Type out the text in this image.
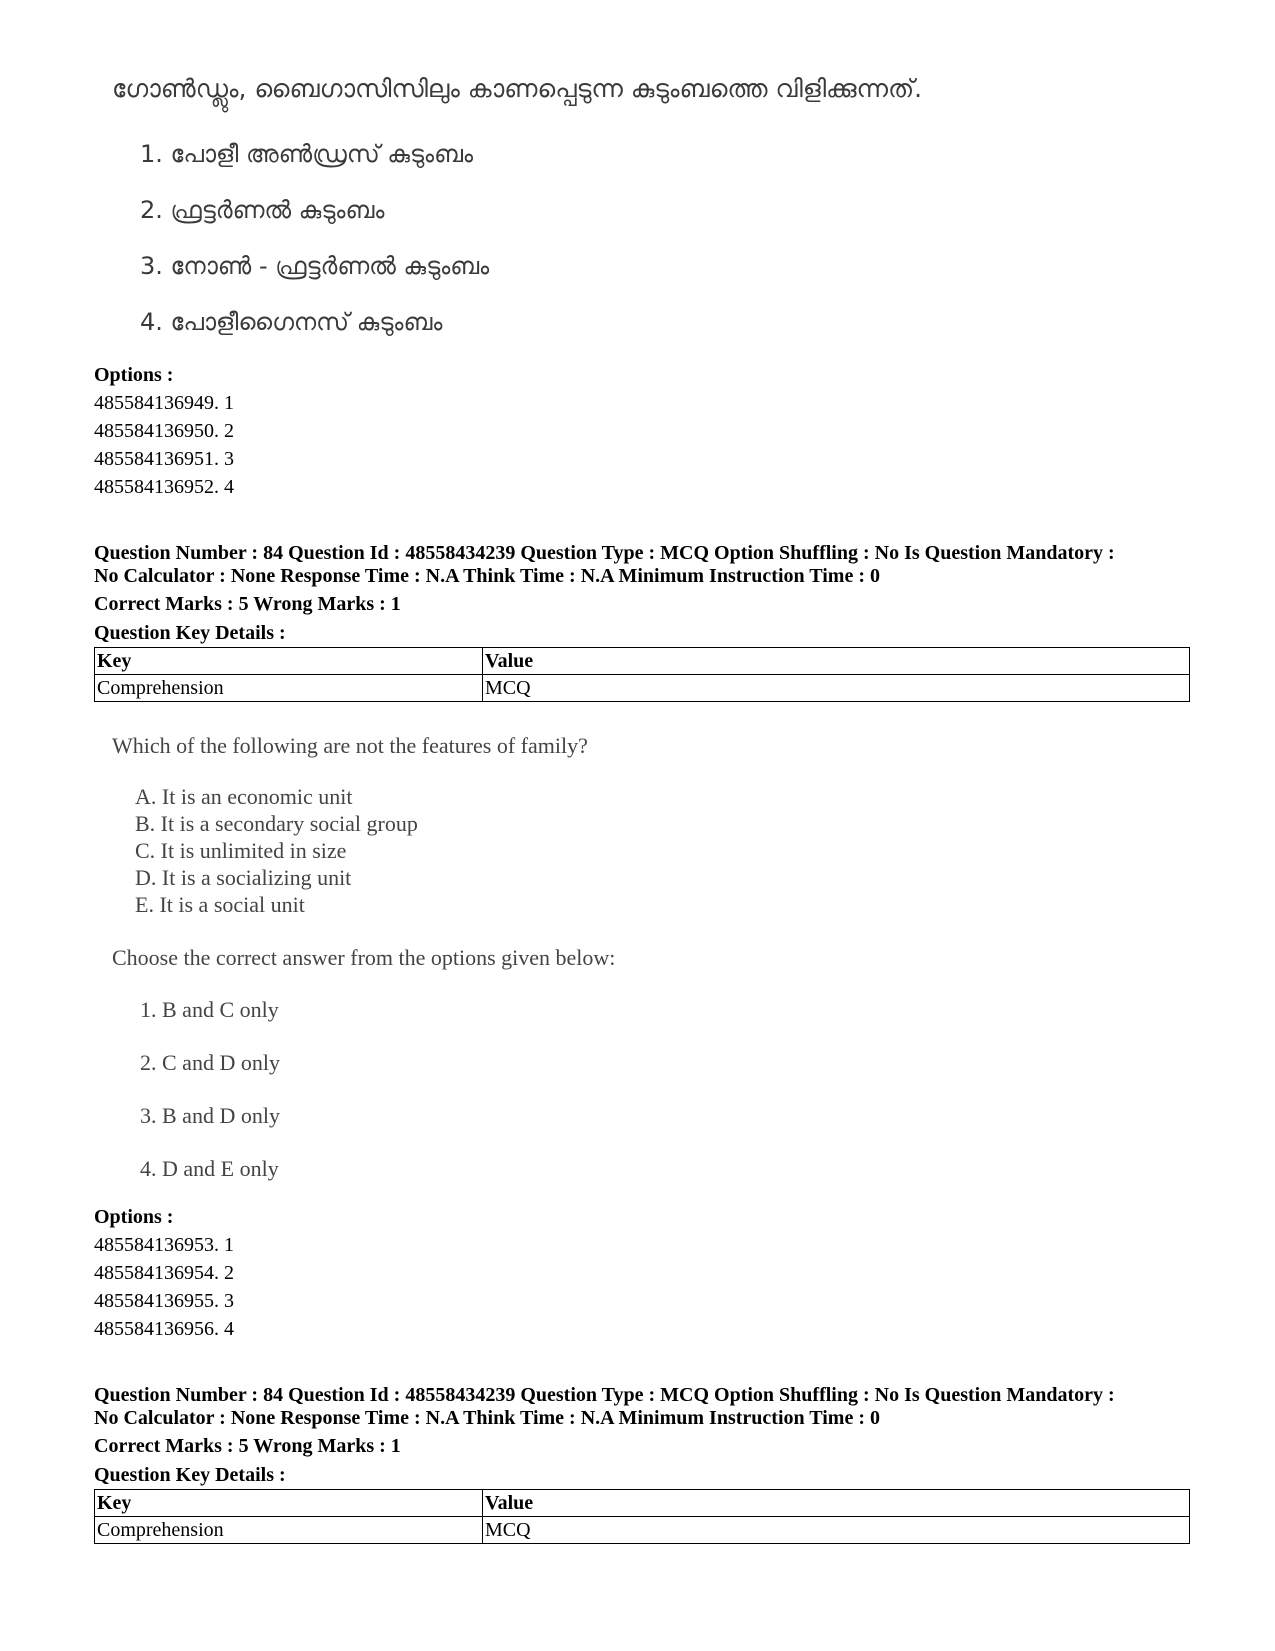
ഗോൺഡ്ലും, ബൈഗാസിസിലും കാണപ്പെടുന്ന കുടുംബത്തെ വിളിക്കുന്നത്.
1. പോളീ അൺഡ്രസ് കുടുംബം
2. ഫ്രട്ടർണൽ കുടുംബം
3. നോൺ - ഫ്രട്ടർണൽ കുടുംബം
4. പോളീഗൈനസ് കുടുംബം
Options :
485584136949. 1
485584136950. 2
485584136951. 3
485584136952. 4
Question Number : 84 Question Id : 48558434239 Question Type : MCQ Option Shuffling : No Is Question Mandatory :
No Calculator : None Response Time : N.A Think Time : N.A Minimum Instruction Time : 0
Correct Marks : 5 Wrong Marks : 1
Question Key Details :
Key	Value
Comprehension	MCQ
Which of the following are not the features of family?
A. It is an economic unit
B. It is a secondary social group
C. It is unlimited in size
D. It is a socializing unit
E. It is a social unit
Choose the correct answer from the options given below:
1. B and C only
2. C and D only
3. B and D only
4. D and E only
Options :
485584136953. 1
485584136954. 2
485584136955. 3
485584136956. 4
Question Number : 84 Question Id : 48558434239 Question Type : MCQ Option Shuffling : No Is Question Mandatory :
No Calculator : None Response Time : N.A Think Time : N.A Minimum Instruction Time : 0
Correct Marks : 5 Wrong Marks : 1
Question Key Details :
Key	Value
Comprehension	MCQ
